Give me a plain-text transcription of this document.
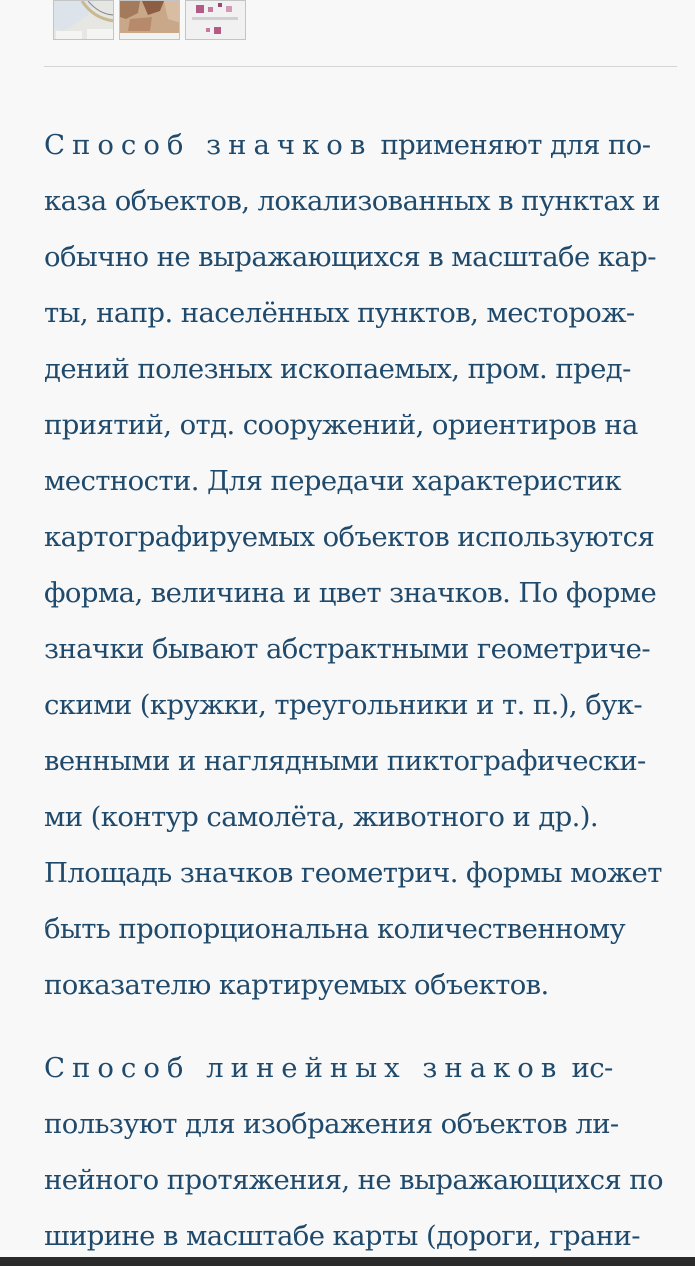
Способ значков применяют для по-
каза объектов, локализованных в пунктах и
обычно не выражающихся в масштабе кар-
ты, напр. населённых пунктов, месторож-
дений полезных ископаемых, пром. пред-
приятий, отд. сооружений, ориентиров на
местности. Для передачи характеристик
картографируемых объектов используются
форма, величина и цвет значков. По форме
значки бывают абстрактными геометриче-
скими (кружки, треугольники и т. п.), бук-
венными и наглядными пиктографически-
ми (контур самолёта, животного и др.).
Площадь значков геометрич. формы может
быть пропорциональна количественному
показателю картируемых объектов.

Способ линейных знаков ис-
пользуют для изображения объектов ли-
нейного протяжения, не выражающихся по
ширине в масштабе карты (дороги, грани-
